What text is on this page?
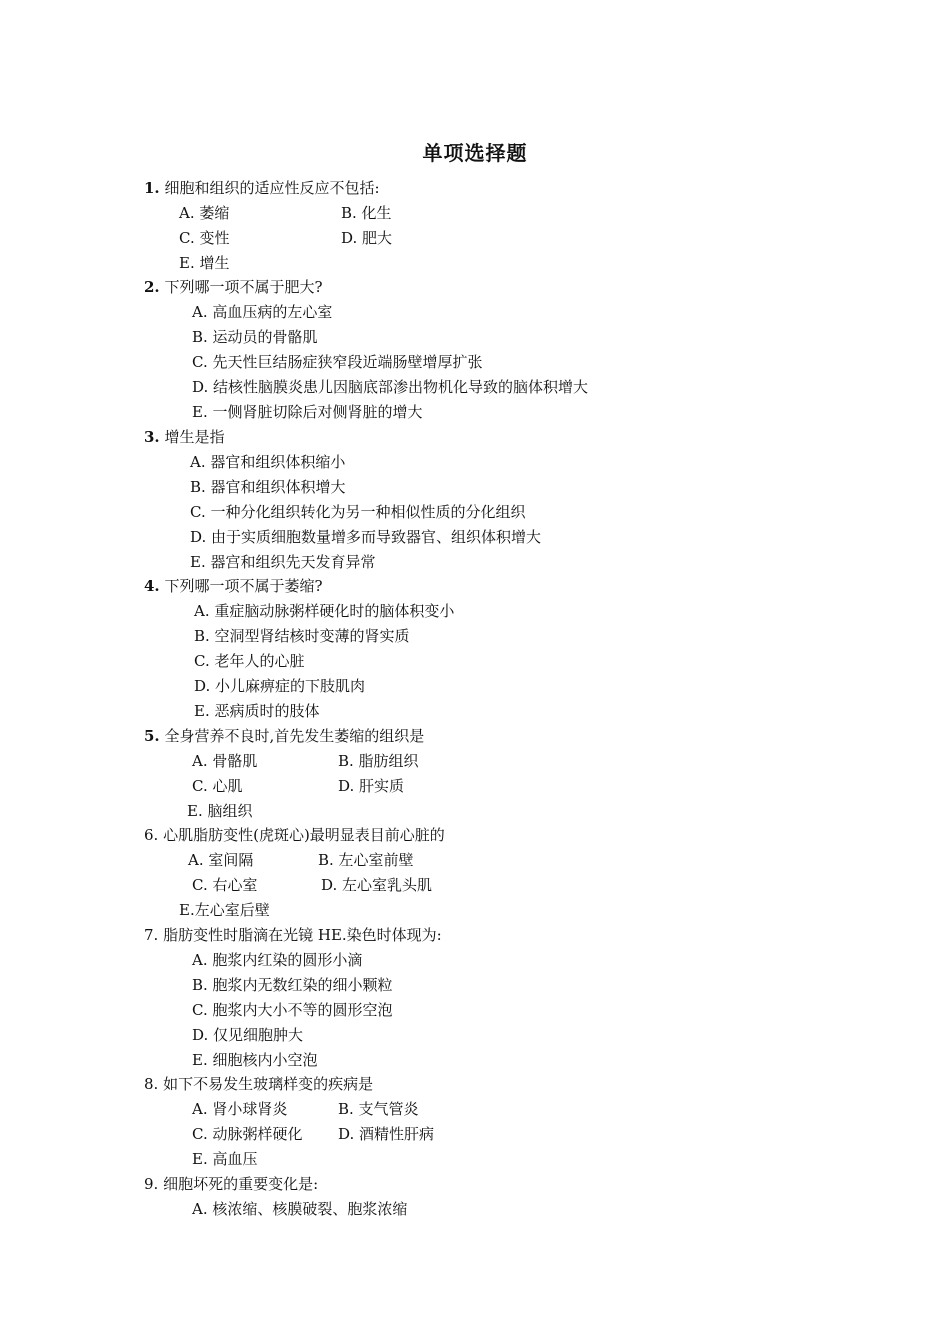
单项选择题
1. 细胞和组织的适应性反应不包括:
A. 萎缩	B. 化生
C. 变性	D. 肥大
E. 增生
2. 下列哪一项不属于肥大?
A. 高血压病的左心室
B. 运动员的骨骼肌
C. 先天性巨结肠症狭窄段近端肠壁增厚扩张
D. 结核性脑膜炎患儿因脑底部渗出物机化导致的脑体积增大
E. 一侧肾脏切除后对侧肾脏的增大
3. 增生是指
A. 器官和组织体积缩小
B. 器官和组织体积增大
C. 一种分化组织转化为另一种相似性质的分化组织
D. 由于实质细胞数量增多而导致器官、组织体积增大
E. 器宫和组织先天发育异常
4. 下列哪一项不属于萎缩?
A. 重症脑动脉粥样硬化时的脑体积变小
B. 空洞型肾结核时变薄的肾实质
C. 老年人的心脏
D. 小儿麻痹症的下肢肌肉
E. 恶病质时的肢体
5. 全身营养不良时,首先发生萎缩的组织是
A. 骨骼肌	B. 脂肪组织
C. 心肌	D. 肝实质
E. 脑组织
6. 心肌脂肪变性(虎斑心)最明显表目前心脏的
A. 室间隔	B. 左心室前壁
C. 右心室	D. 左心室乳头肌
E.左心室后壁
7. 脂肪变性时脂滴在光镜 HE.染色时体现为:
A. 胞浆内红染的圆形小滴
B. 胞浆内无数红染的细小颗粒
C. 胞浆内大小不等的圆形空泡
D. 仅见细胞肿大
E. 细胞核内小空泡
8. 如下不易发生玻璃样变的疾病是
A. 肾小球肾炎	B. 支气管炎
C. 动脉粥样硬化 D. 酒精性肝病
E. 高血压
9. 细胞坏死的重要变化是:
A. 核浓缩、核膜破裂、胞浆浓缩
